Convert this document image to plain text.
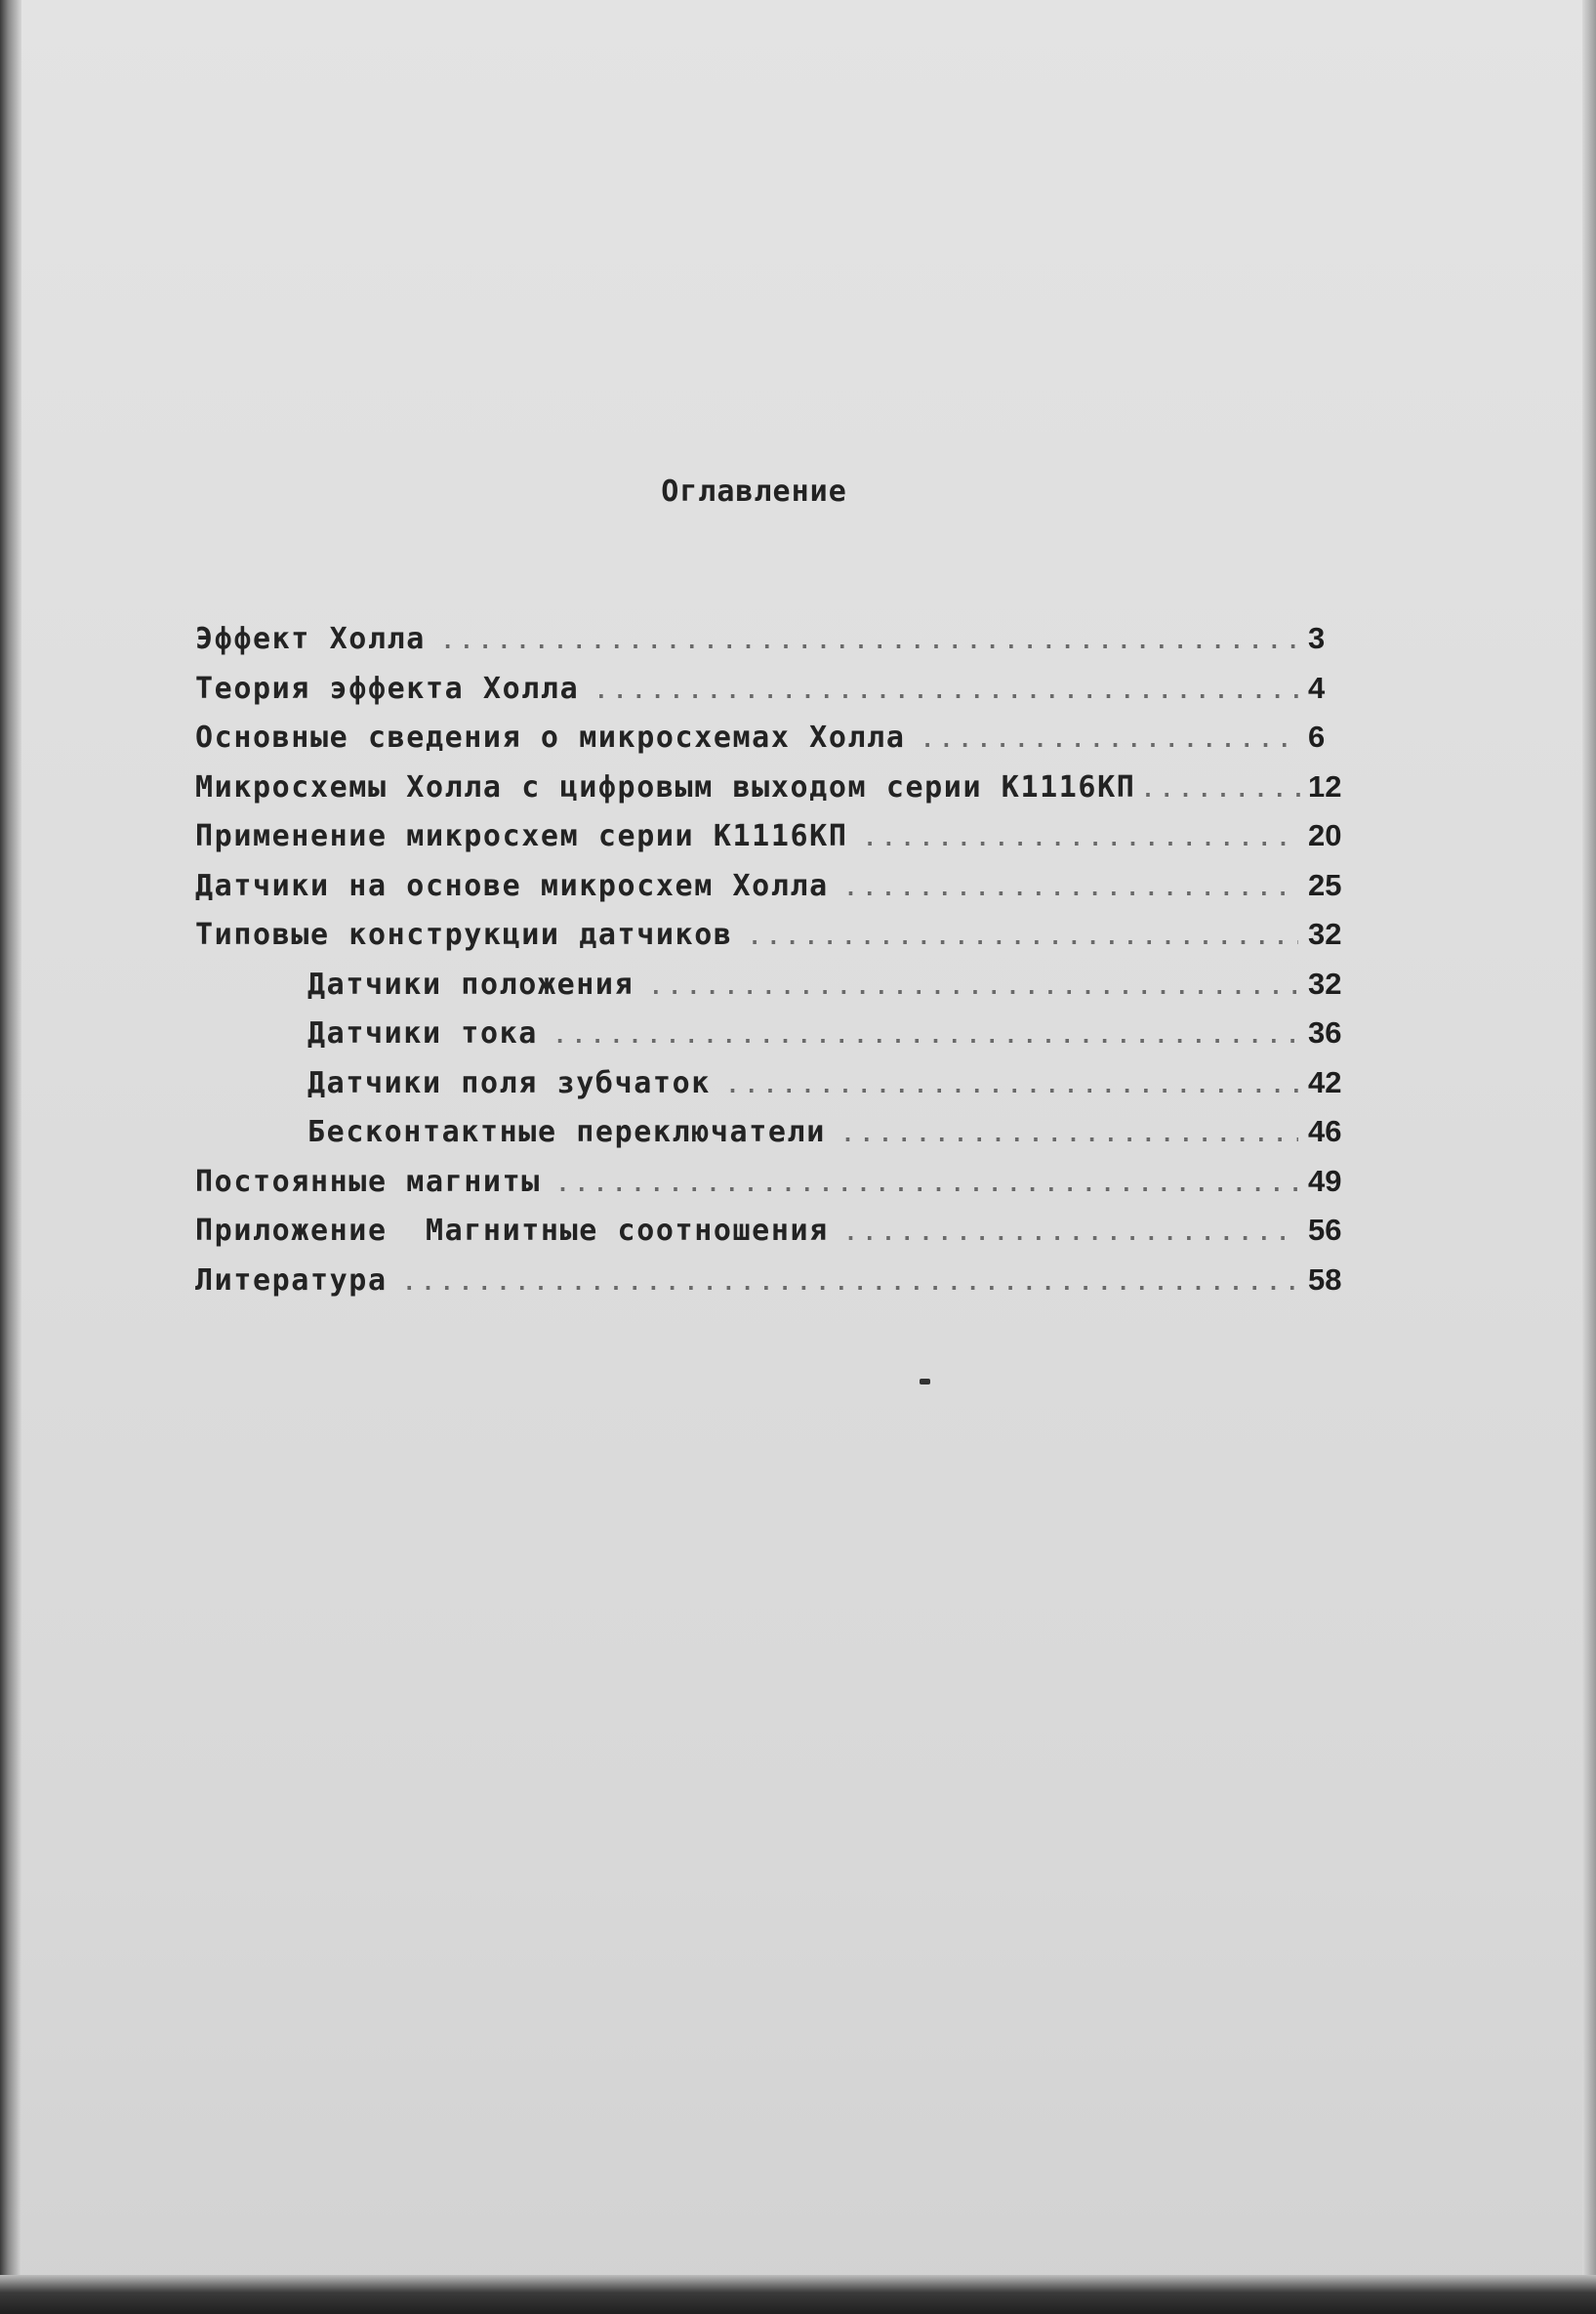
Оглавление
Эффект Холла .....	3
Теория эффекта Холла .....	4
Основные сведения о микросхемах Холла .....	6
Микросхемы Холла с цифровым выходом серии К1116КП .....	12
Применение микросхем серии К1116КП .....	20
Датчики на основе микросхем Холла .....	25
Типовые конструкции датчиков .....	32
Датчики положения .....	32
Датчики тока .....	36
Датчики поля зубчаток .....	42
Бесконтактные переключатели .....	46
Постоянные магниты .....	49
Приложение  Магнитные соотношения .....	56
Литература .....	58
